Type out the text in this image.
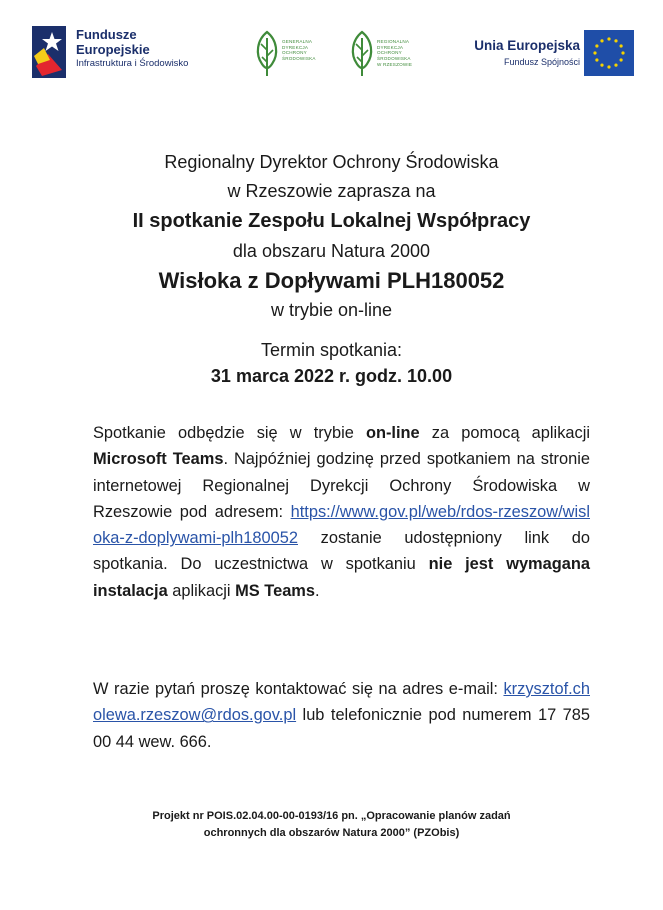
Fundusze
Europejskie
Infrastruktura i Środowisko
GENERALNA
DYREKCJA
OCHRONY
ŚRODOWISKA
REGIONALNA
DYREKCJA
OCHRONY
ŚRODOWISKA
W RZESZOWIE
Unia Europejska
Fundusz Spójności

Regionalny Dyrektor Ochrony Środowiska

w Rzeszowie zaprasza na

II spotkanie Zespołu Lokalnej Współpracy

dla obszaru Natura 2000

Wisłoka z Dopływami PLH180052

w trybie on-line

Termin spotkania:

31 marca 2022 r. godz. 10.00

Spotkanie odbędzie się w trybie on-line za pomocą aplikacji Microsoft Teams. Najpóźniej godzinę przed spotkaniem na stronie internetowej Regionalnej Dyrekcji Ochrony Środowiska w Rzeszowie pod adresem: https://www.gov.pl/web/rdos-rzeszow/wisloka-z-doplywami-plh180052 zostanie udostępniony link do spotkania. Do uczestnictwa w spotkaniu nie jest wymagana instalacja aplikacji MS Teams.

W razie pytań proszę kontaktować się na adres e-mail: krzysztof.cholewa.rzeszow@rdos.gov.pl lub telefonicznie pod numerem 17 785 00 44 wew. 666.

Projekt nr POIS.02.04.00-00-0193/16 pn. „Opracowanie planów zadań
ochronnych dla obszarów Natura 2000” (PZObis)
